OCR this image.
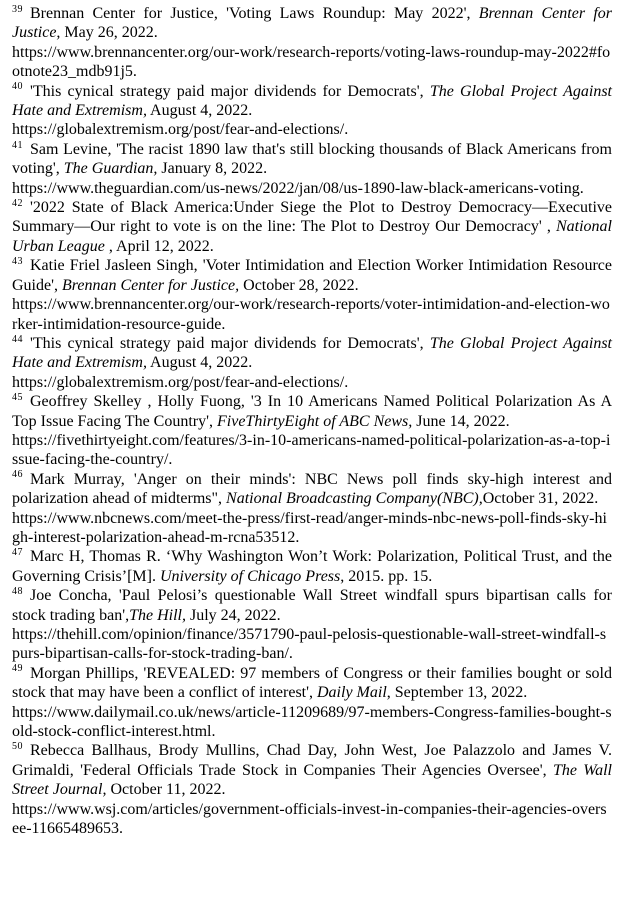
$^{39}$ Brennan Center for Justice, 'Voting Laws Roundup: May 2022', Brennan Center for Justice, May 26, 2022.
https://www.brennancenter.org/our-work/research-reports/voting-laws-roundup-may-2022#footnote23_mdb91j5.

$^{40}$ 'This cynical strategy paid major dividends for Democrats', The Global Project Against Hate and Extremism, August 4, 2022.
https://globalextremism.org/post/fear-and-elections/.

$^{41}$ Sam Levine, 'The racist 1890 law that's still blocking thousands of Black Americans from voting', The Guardian, January 8, 2022.
https://www.theguardian.com/us-news/2022/jan/08/us-1890-law-black-americans-voting.

$^{42}$ '2022 State of Black America:Under Siege the Plot to Destroy Democracy—Executive Summary—Our right to vote is on the line: The Plot to Destroy Our Democracy' , National Urban League , April 12, 2022.

$^{43}$ Katie Friel Jasleen Singh, 'Voter Intimidation and Election Worker Intimidation Resource Guide', Brennan Center for Justice, October 28, 2022.
https://www.brennancenter.org/our-work/research-reports/voter-intimidation-and-election-worker-intimidation-resource-guide.

$^{44}$ 'This cynical strategy paid major dividends for Democrats', The Global Project Against Hate and Extremism, August 4, 2022.
https://globalextremism.org/post/fear-and-elections/.

$^{45}$ Geoffrey Skelley , Holly Fuong, '3 In 10 Americans Named Political Polarization As A Top Issue Facing The Country', FiveThirtyEight of ABC News, June 14, 2022.
https://fivethirtyeight.com/features/3-in-10-americans-named-political-polarization-as-a-top-issue-facing-the-country/.

$^{46}$ Mark Murray, 'Anger on their minds': NBC News poll finds sky-high interest and polarization ahead of midterms", National Broadcasting Company(NBC),October 31, 2022.
https://www.nbcnews.com/meet-the-press/first-read/anger-minds-nbc-news-poll-finds-sky-high-interest-polarization-ahead-m-rcna53512.

$^{47}$ Marc H, Thomas R. ‘Why Washington Won’t Work: Polarization, Political Trust, and the Governing Crisis’[M]. University of Chicago Press, 2015. pp. 15.

$^{48}$ Joe Concha, 'Paul Pelosi’s questionable Wall Street windfall spurs bipartisan calls for stock trading ban',The Hill, July 24, 2022.
https://thehill.com/opinion/finance/3571790-paul-pelosis-questionable-wall-street-windfall-spurs-bipartisan-calls-for-stock-trading-ban/.

$^{49}$ Morgan Phillips, 'REVEALED: 97 members of Congress or their families bought or sold stock that may have been a conflict of interest', Daily Mail, September 13, 2022.
https://www.dailymail.co.uk/news/article-11209689/97-members-Congress-families-bought-sold-stock-conflict-interest.html.

$^{50}$ Rebecca Ballhaus, Brody Mullins, Chad Day, John West, Joe Palazzolo and James V. Grimaldi, 'Federal Officials Trade Stock in Companies Their Agencies Oversee', The Wall Street Journal, October 11, 2022.
https://www.wsj.com/articles/government-officials-invest-in-companies-their-agencies-oversee-11665489653.
